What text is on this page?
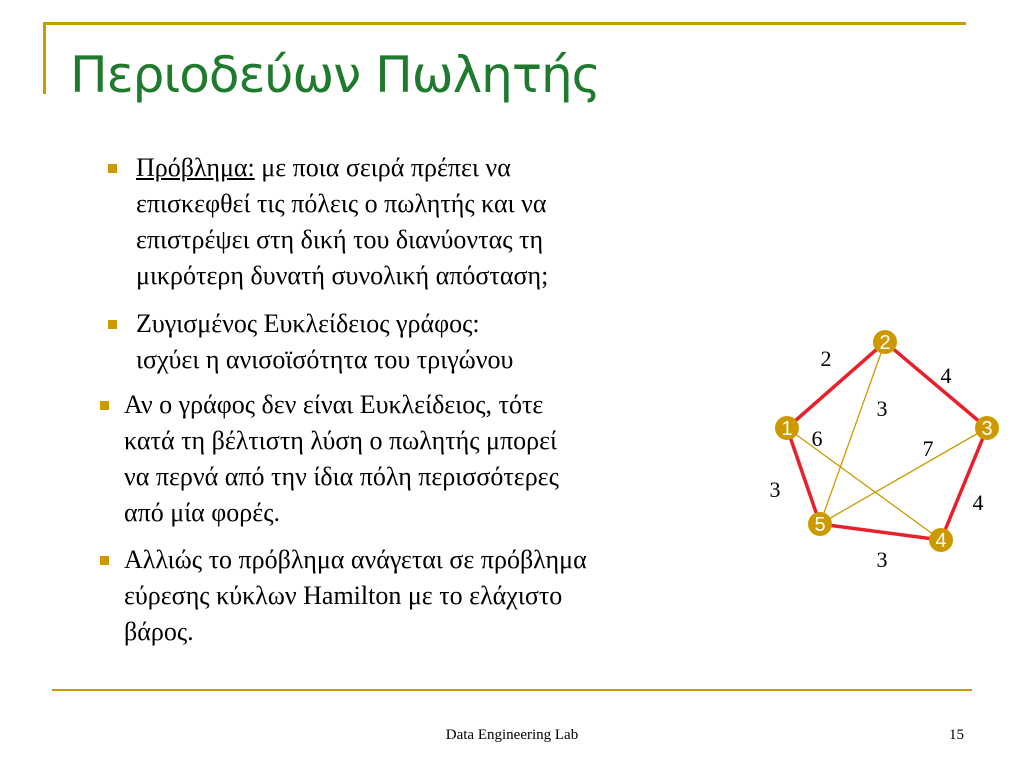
Περιοδεύων Πωλητής
Πρόβλημα: με ποια σειρά πρέπει να
επισκεφθεί τις πόλεις ο πωλητής και να
επιστρέψει στη δική του διανύοντας τη
μικρότερη δυνατή συνολική απόσταση;
Ζυγισμένος Ευκλείδειος γράφος:
ισχύει η ανισοϊσότητα του τριγώνου
Αν ο γράφος δεν είναι Ευκλείδειος, τότε
κατά τη βέλτιστη λύση ο πωλητής μπορεί
να περνά από την ίδια πόλη περισσότερες
από μία φορές.
Αλλιώς το πρόβλημα ανάγεται σε πρόβλημα
εύρεσης κύκλων Hamilton με το ελάχιστο
βάρος.
1
2
3
4
5
2
4
4
3
3
3
6	7
Data Engineering Lab	15
